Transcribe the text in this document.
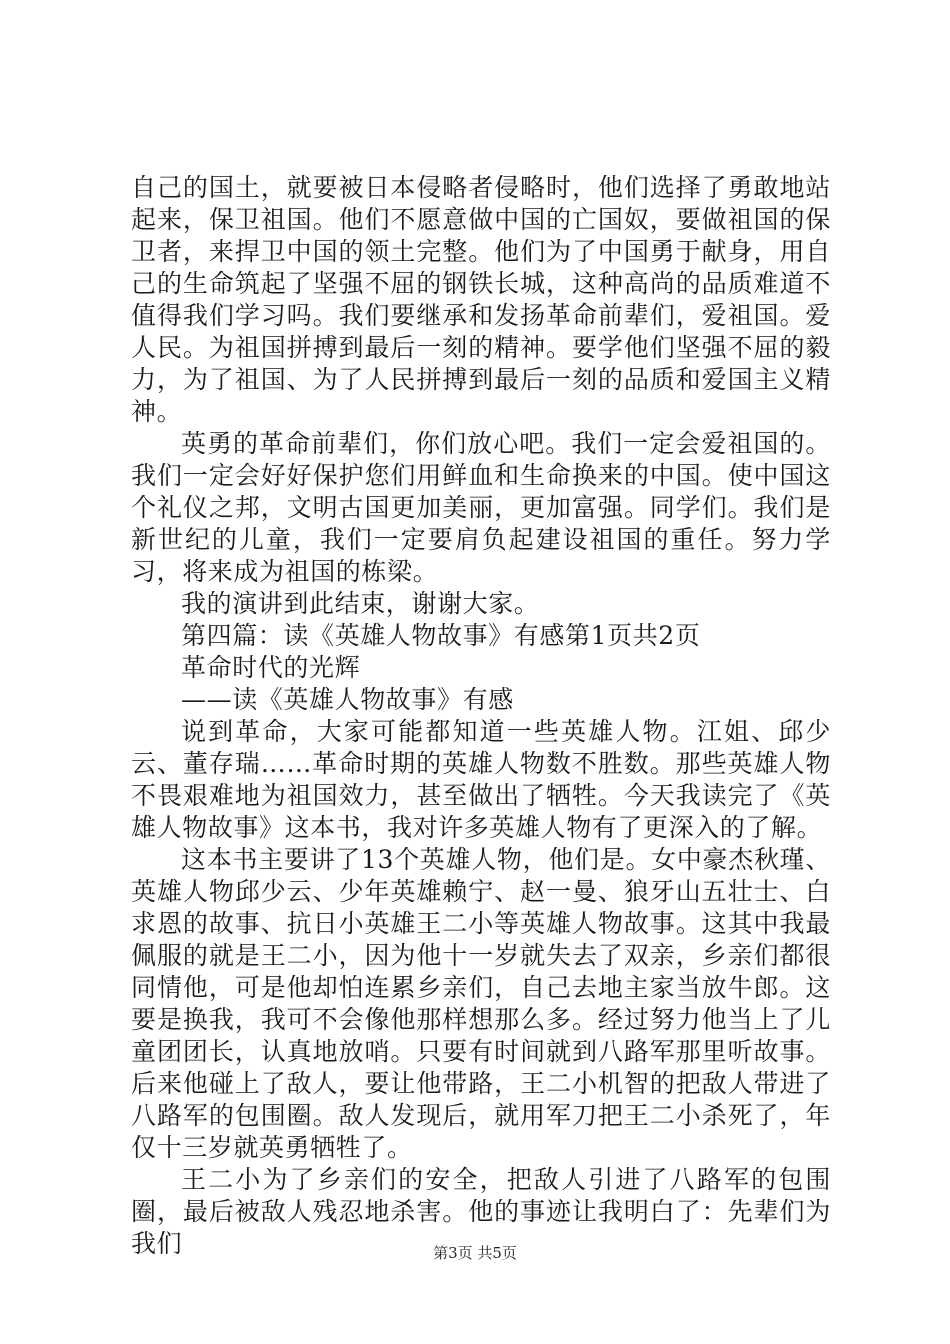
自己的国土，就要被日本侵略者侵略时，他们选择了勇敢地站起来，保卫祖国。他们不愿意做中国的亡国奴，要做祖国的保卫者，来捍卫中国的领土完整。他们为了中国勇于献身，用自己的生命筑起了坚强不屈的钢铁长城，这种高尚的品质难道不值得我们学习吗。我们要继承和发扬革命前辈们，爱祖国。爱人民。为祖国拼搏到最后一刻的精神。要学他们坚强不屈的毅力，为了祖国、为了人民拼搏到最后一刻的品质和爱国主义精神。

英勇的革命前辈们，你们放心吧。我们一定会爱祖国的。我们一定会好好保护您们用鲜血和生命换来的中国。使中国这个礼仪之邦，文明古国更加美丽，更加富强。同学们。我们是新世纪的儿童，我们一定要肩负起建设祖国的重任。努力学习，将来成为祖国的栋梁。

我的演讲到此结束，谢谢大家。

第四篇：读《英雄人物故事》有感第1页共2页

革命时代的光辉

——读《英雄人物故事》有感

说到革命，大家可能都知道一些英雄人物。江姐、邱少云、董存瑞……革命时期的英雄人物数不胜数。那些英雄人物不畏艰难地为祖国效力，甚至做出了牺牲。今天我读完了《英雄人物故事》这本书，我对许多英雄人物有了更深入的了解。

这本书主要讲了13个英雄人物，他们是。女中豪杰秋瑾、英雄人物邱少云、少年英雄赖宁、赵一曼、狼牙山五壮士、白求恩的故事、抗日小英雄王二小等英雄人物故事。这其中我最佩服的就是王二小，因为他十一岁就失去了双亲，乡亲们都很同情他，可是他却怕连累乡亲们，自己去地主家当放牛郎。这要是换我，我可不会像他那样想那么多。经过努力他当上了儿童团团长，认真地放哨。只要有时间就到八路军那里听故事。后来他碰上了敌人，要让他带路，王二小机智的把敌人带进了八路军的包围圈。敌人发现后，就用军刀把王二小杀死了，年仅十三岁就英勇牺牲了。

王二小为了乡亲们的安全，把敌人引进了八路军的包围圈，最后被敌人残忍地杀害。他的事迹让我明白了：先辈们为我们	第3页 共5页
